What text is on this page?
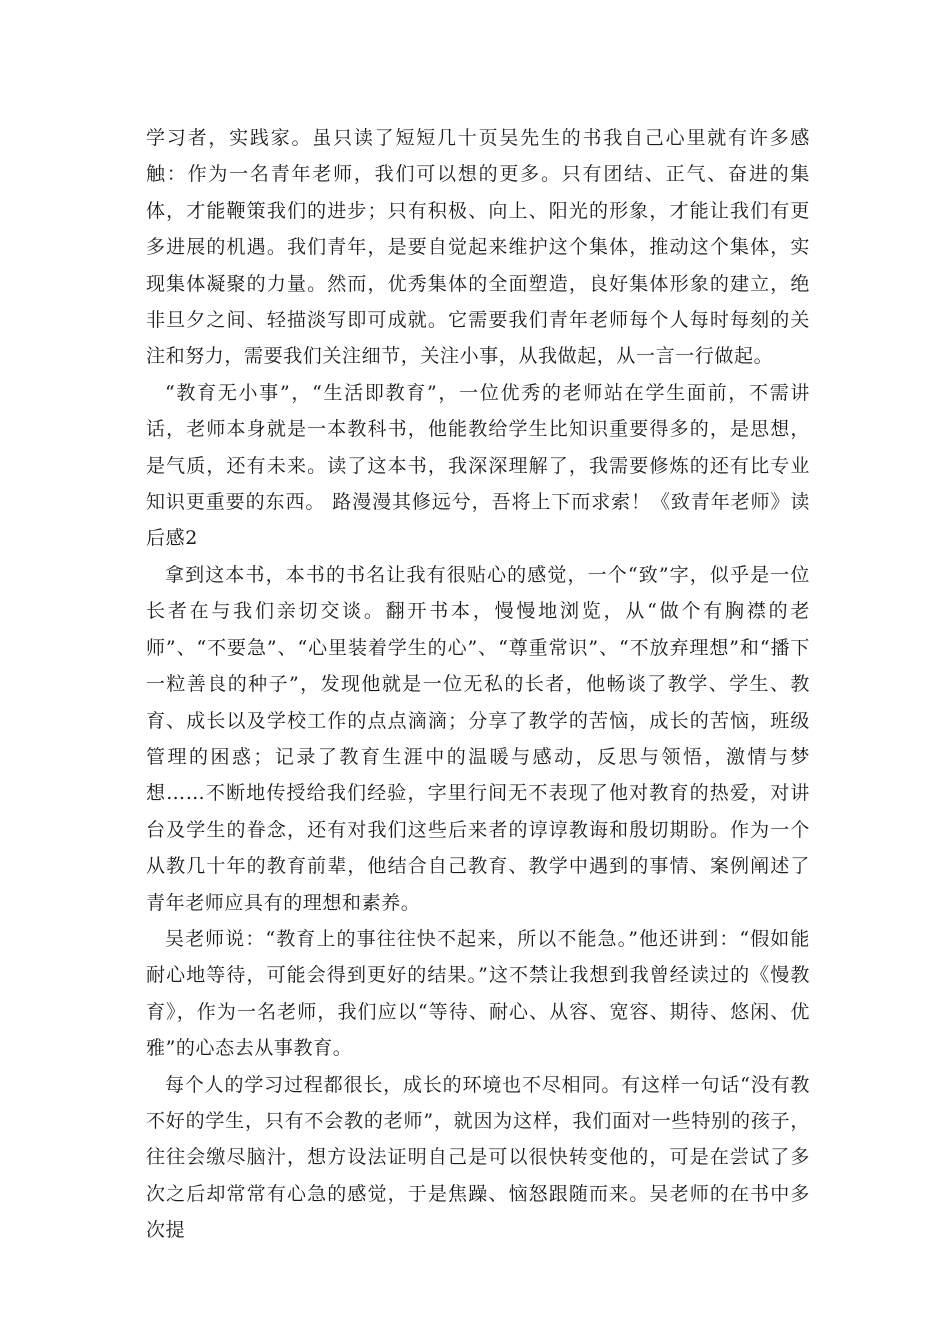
学习者，实践家。虽只读了短短几十页吴先生的书我自己心里就有许多感触：作为一名青年老师，我们可以想的更多。只有团结、正气、奋进的集体，才能鞭策我们的进步；只有积极、向上、阳光的形象，才能让我们有更多进展的机遇。我们青年，是要自觉起来维护这个集体，推动这个集体，实现集体凝聚的力量。然而，优秀集体的全面塑造，良好集体形象的建立，绝非旦夕之间、轻描淡写即可成就。它需要我们青年老师每个人每时每刻的关注和努力，需要我们关注细节，关注小事，从我做起，从一言一行做起。

“教育无小事”，“生活即教育”，一位优秀的老师站在学生面前，不需讲话，老师本身就是一本教科书，他能教给学生比知识重要得多的，是思想，是气质，还有未来。读了这本书，我深深理解了，我需要修炼的还有比专业知识更重要的东西。 路漫漫其修远兮，吾将上下而求索！《致青年老师》读后感2

拿到这本书，本书的书名让我有很贴心的感觉，一个“致”字，似乎是一位长者在与我们亲切交谈。翻开书本，慢慢地浏览，从“做个有胸襟的老师”、“不要急”、“心里装着学生的心”、“尊重常识”、“不放弃理想”和“播下一粒善良的种子”，发现他就是一位无私的长者，他畅谈了教学、学生、教育、成长以及学校工作的点点滴滴；分享了教学的苦恼，成长的苦恼，班级管理的困惑；记录了教育生涯中的温暖与感动，反思与领悟，激情与梦想……不断地传授给我们经验，字里行间无不表现了他对教育的热爱，对讲台及学生的眷念，还有对我们这些后来者的谆谆教诲和殷切期盼。作为一个从教几十年的教育前辈，他结合自己教育、教学中遇到的事情、案例阐述了青年老师应具有的理想和素养。

吴老师说：“教育上的事往往快不起来，所以不能急。”他还讲到：“假如能耐心地等待，可能会得到更好的结果。”这不禁让我想到我曾经读过的《慢教育》，作为一名老师，我们应以“等待、耐心、从容、宽容、期待、悠闲、优雅”的心态去从事教育。

每个人的学习过程都很长，成长的环境也不尽相同。有这样一句话“没有教不好的学生，只有不会教的老师”，就因为这样，我们面对一些特别的孩子，往往会缴尽脑汁，想方设法证明自己是可以很快转变他的，可是在尝试了多次之后却常常有心急的感觉，于是焦躁、恼怒跟随而来。吴老师的在书中多次提
